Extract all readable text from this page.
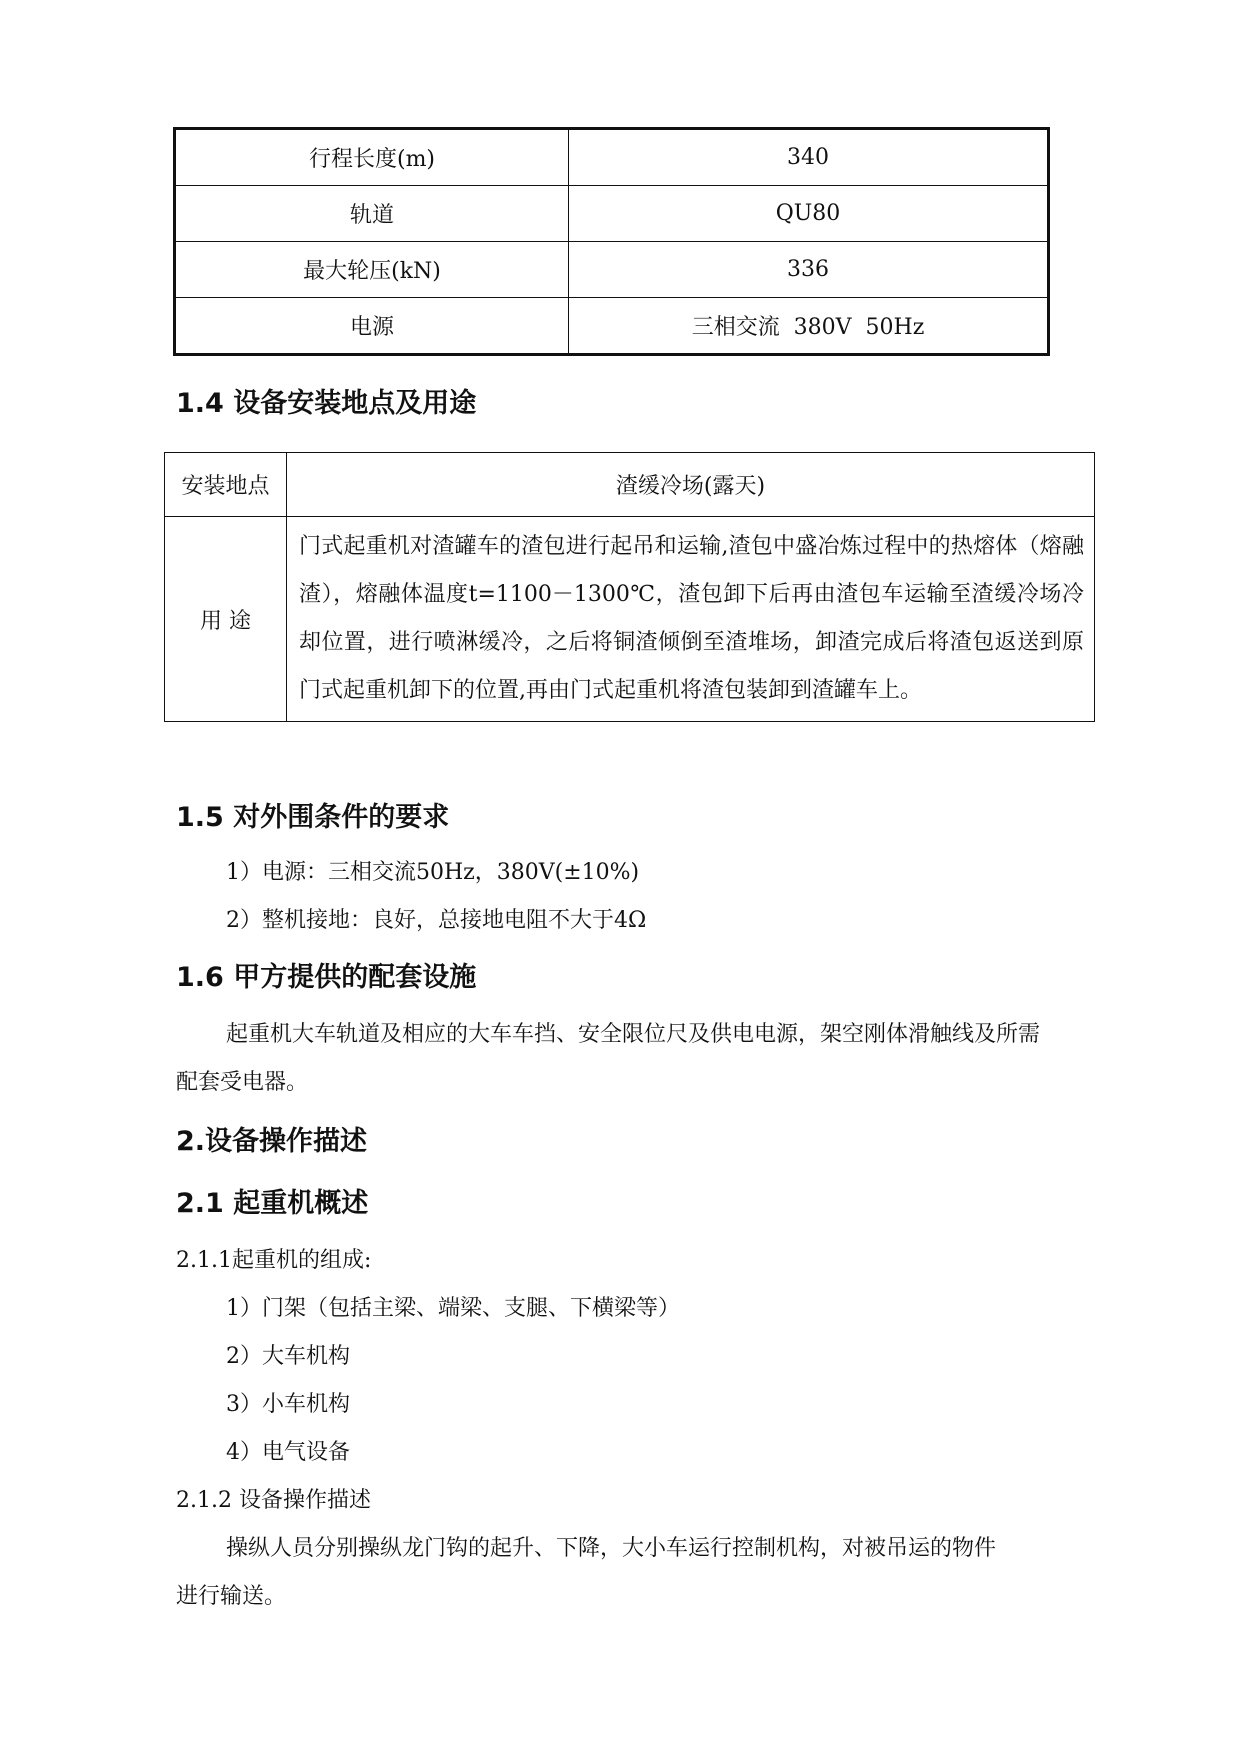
行程长度(m)	340
轨道	QU80
最大轮压(kN)	336
电源	三相交流  380V  50Hz
1.4 设备安装地点及用途
安装地点	渣缓冷场(露天)
用 途	门式起重机对渣罐车的渣包进行起吊和运输,渣包中盛冶炼过程中的热熔体（熔融渣），熔融体温度t=1100－1300℃，渣包卸下后再由渣包车运输至渣缓冷场冷却位置，进行喷淋缓冷，之后将铜渣倾倒至渣堆场，卸渣完成后将渣包返送到原门式起重机卸下的位置,再由门式起重机将渣包装卸到渣罐车上。
1.5 对外围条件的要求

1）电源：三相交流50Hz，380V(±10%)

2）整机接地：良好，总接地电阻不大于4Ω

1.6 甲方提供的配套设施

起重机大车轨道及相应的大车车挡、安全限位尺及供电电源，架空刚体滑触线及所需配套受电器。

2.设备操作描述
2.1 起重机概述

2.1.1起重机的组成:

1）门架（包括主梁、端梁、支腿、下横梁等）

2）大车机构

3）小车机构

4）电气设备

2.1.2 设备操作描述

操纵人员分别操纵龙门钩的起升、下降，大小车运行控制机构，对被吊运的物件进行输送。
